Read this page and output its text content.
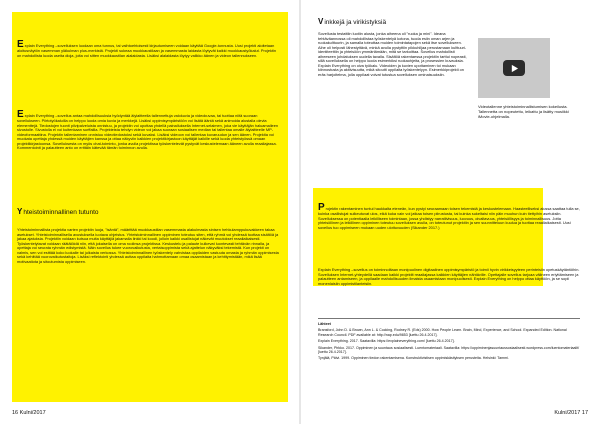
Explain Everything –sovelluksen luodaan oma tunnus, tai vaihtoehtoisesti kirjautumiseen voidaan käyttää Google-tunnusta. Uusi projekti aloitetaan aloitusnäytön vasemman yläkulman plus-merkistä. Projekti sukeaa muokkaustilaan ja vasemmasta laidasta löytyvät kaikki muokkaustyökalut. Projektin on mahdollista luoda useita dioja, joita voi sitten muokkaustilan alalaidasta. Lisäksi alalaidasta löytyy valikko äänen ja videon tallennukseen.

Explain Everything –sovellus antaa mahdollisuuksia hyödyntää älylaitteella tallennettuja valokuvia ja videokuvaa, tai tuottaa niitä suoraan sovellukseen. Piirtotyökaluilla on helppo luoda omia kuvia ja merkkejä. Lisäksi oppimisympäristöön voi lisätä ääntä sekä animoida alustalla olevia elementtejä. Tiedostojen tuonti pilvipalveluista onnistuu, ja projektin voi upottaa yhdellä painalluksella Internet-selaimen, joka vie käyttäjän haluamalleen sivustolle. Sivustolla ei voi kuitenkaan surffailla. Projekteista tehdyn videon voi jakaa suoraan sosiaalisen median tai tallentaa omalle älylaitteelle MP-videoformaattina. Projektin tallentaminen onnistuu videotiedostoksi sekä kuvaksi. Lisäksi videoon voi tallentaa kuvaruudun ja sen äänen. Projektia voi muokata opettaja yhdessä muiden käyttäjien kanssa ja ottaa näkyviin kaikkien projektikirjastoon käyttäjät kaikille sekä luoda yhteistyössä omaan projektikirjastoonsa. Sovelluksesta on myös chat-toiminto, jonka avulla projektissa työskentelevät pystyvät keskustelemaan ääneen avulla reaaliajassa. Kommentointi ja palautteen anto on erittäin kätevää tämän toiminnon avulla.

Yhteistoiminnallinen tutunto

Yhteistoiminnallista projektia varten projektin luoja, "isäntä", määrittää muokkaustilan vasemmasta alakulmasta sinisen hehkulamppukuvakkeen takaa asetukset. Yhteistoiminnallisella avustuksella luotava ohjeistus. Yhteistoiminnallinen oppiminen toteutuu siten, että ryhmä voi yhdessä tuottaa sisältöä ja jakaa ajatuksia. Projektiin voidaan kutsua muita käyttäjiä jakamalla linkki tai koodi, jolloin kaikki osallistujat näkevät muutokset reaaliaikaisesti. Työskentelytavat voidaan räätälöidä niin, että jokaisella on oma roolinsa projektissa. Keskustelu ja palaute kulkevat luontevasti tehtävän rinnalla, ja opettaja voi seurata ryhmän edistymistä. Näin sovellus tukee vuorovaikutusta, vertaisoppimista sekä ajattelun näkyväksi tekemistä. Kun projekti on valmis, sen voi esittää koko luokalle tai julkaista verkossa. Yhteistoiminnallinen työskentely vahvistaa oppilaiden vastuuta omasta ja ryhmän oppimisesta sekä kehittää vuorovaikutustaitoja. Lisäksi reflektointi yhdessä auttaa oppilaita hahmottamaan omaa osaamistaan ja kehittymistään, mikä lisää motivaatiota ja sitoutumista oppimiseen.

16 Kulni/2017

Vinkkejä ja virikistyksiä

Sovellusta testattiin luotiin alusta, jonka aiheena oli "ruoka ja mini". Ideana tehtäväannossa oli mahdollistaa työskentelyä kotona, tuoda esiin oman arjen ja ruokakulttuurin, ja samalla toteuttaa muiden toimintatapojen sekä itse sovellukseen. Aihe oli helposti lähestyttävä, minkä avulla pystyttiin pikkuhiljaa perustamaan kulttuuri-identiteettiin ja yhteisöön ymmärtämään, mitä se tarkoittaa. Sovellus mahdollisti aiheeseen johdatuksen uudella tavalla. Sisältöä rakentaessa projektiin tarttui nopeasti, sillä sovelluksella on helppo luoda esimerkiksi ruokaohjeita, ja prosessien kuvauksia. Explain Everything on oiva työkalu. Videoiden ja kuvien upottaminen toi mukaan kiinnostusta ja aktiivisuutta, mikä sitoutti oppilaita työskentelyyn. Esimerkkiprojekti on eräs harjoitelma, jolla oppilaat voivat tutustua sovelluksen ominaisuuksiin.

Videotallenne yhteistoiminnallistumisen kokeilusta. Tallennetta on nopeutettu, leikattu ja lisätty musiikki iMovie-ohjelmalla.

Projektin rakentaminen tuntui haukkalta eteneän, kun pystyi seuraamaan toisen tekemistä ja keskustelemaan. Haasteelliseksi alussa saattaa tulla se, kuinka osallistujat sulkeutuvat ulos, eikä kuka vain voi jatkaa toisen piirustusta, tai kuinka sukeltaisi niin päin muuhun kuin tiettyihin asetuksiin. Sovelluksessa on potentiaalia leikilliseen toimintaan, jossa yhdistyy narratiivisuus, luovuus, oivaltavuus, yhteisöllisyys ja toiminnallisuus. Jotta yhteisöllinen ja leikillinen oppiminen toteutuu sovelluksen avulla, on toteutunut projektiin ja sen suunnitteluun kuulua ja tuottaa reaaliaikaisesti. Uusi sovellus tuo oppimiseen mukaan uuden ulottuvuuden (Sikander 2017.)

Explain Everything –sovellus on toiminnoiltaan monipuolinen digitaalinen oppimisympäristö ja toimii hyvin virikkeisyyteen perinteisiin opetuskäytäntöihin. Sovelluksen Internet-yhteydellä saadaan kaikki projektit reaaliajassa kaikkien käyttäjien nähtäville. Opettajalle sovellus tarjoaa välineen eriyttämiseen ja palautteen antamiseen, ja oppilaalle mahdollisuuden ilmaista osaamistaan monipuolisesti. Explain Everything on helppo ottaa käyttöön, ja se sopii monenlaisiin oppimistilanteisiin.

Lähteet

Bransford, John D. & Brown, Ann L. & Cocking, Rodney R. (Eds) 2000. How People Learn. Brain, Mind, Experience, and School. Expanded Edition. National Research Council. PDF available at: http://nap.edu/9853 [luettu 26.4.2017].

Explain Everything. 2017. Saatavilla: https://explaineverything.com/ [luettu 26.4.2017].

Sikander, Pirkko. 2017. Oppiminen ja suuntaus sosiaalisesti. Luentomateriaali. Saatavilla: https://oppiminenjasuuntaussosiaalisesti.wordpress.com/luentomateriaalit/ [luettu 26.4.2017].

Tynjälä, Päivi. 1999. Oppiminen tiedon rakentamisena. Konstruktivistisen oppimiskäsityksen perusteita. Helsinki: Tammi.

Kulni/2017 17
